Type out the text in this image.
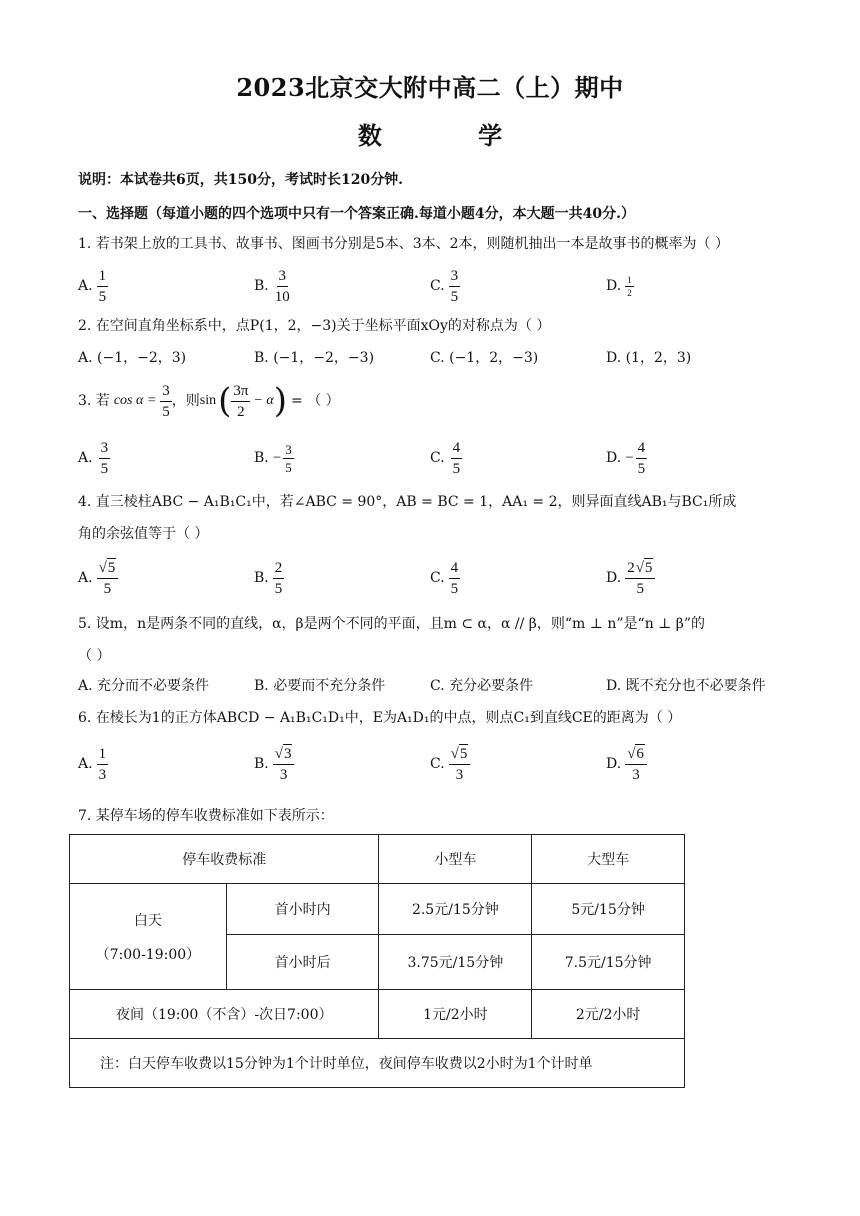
2023北京交大附中高二（上）期中
数 学
说明：本试卷共6页，共150分，考试时长120分钟.
一、选择题（每道小题的四个选项中只有一个答案正确.每道小题4分，本大题一共40分.）
1. 若书架上放的工具书、故事书、图画书分别是5本、3本、2本，则随机抽出一本是故事书的概率为（ ）
A. $\frac{1}{5}$	B. $\frac{3}{10}$	C. $\frac{3}{5}$	D. $\frac{1}{2}$
2. 在空间直角坐标系中，点P(1，2，−3)关于坐标平面xOy的对称点为（ ）
A. (−1，−2，3)	B. (−1，−2，−3)	C. (−1，2，−3)	D. (1，2，3)
3. 若 $\cos \alpha = \frac{3}{5}$ ，则 sin ( $\frac{3\pi}{2} - \alpha$ ) = （ ）
A. $\frac{3}{5}$	B. − $\frac{3}{5}$	C. $\frac{4}{5}$	D. − $\frac{4}{5}$
4. 直三棱柱ABC − A₁B₁C₁中，若∠ABC = 90°，AB = BC = 1，AA₁ = 2，则异面直线AB₁与BC₁所成
角的余弦值等于（ ）
A. $\frac{√ 5}{5}$	B. $\frac{2}{5}$	C. $\frac{4}{5}$	D. $\frac{2 √ 5}{5}$
5. 设m，n是两条不同的直线，α，β是两个不同的平面，且m ⊂ α，α // β，则“m ⊥ n”是“n ⊥ β”的
（ ）
A. 充分而不必要条件	B. 必要而不充分条件	C. 充分必要条件	D. 既不充分也不必要条件
6. 在棱长为1的正方体ABCD − A₁B₁C₁D₁中，E为A₁D₁的中点，则点C₁到直线CE的距离为（ ）
A. $\frac{1}{3}$	B. $\frac{√ 3}{3}$	C. $\frac{√ 5}{3}$	D. $\frac{√ 6}{3}$
7. 某停车场的停车收费标准如下表所示：
停车收费标准		小型车	大型车

白天
（7:00-19:00）	首小时内	2.5元/15分钟	5元/15分钟
	首小时后	3.75元/15分钟	7.5元/15分钟
夜间（19:00（不含）-次日7:00）		1元/2小时	2元/2小时
注：白天停车收费以15分钟为1个计时单位，夜间停车收费以2小时为1个计时单			
